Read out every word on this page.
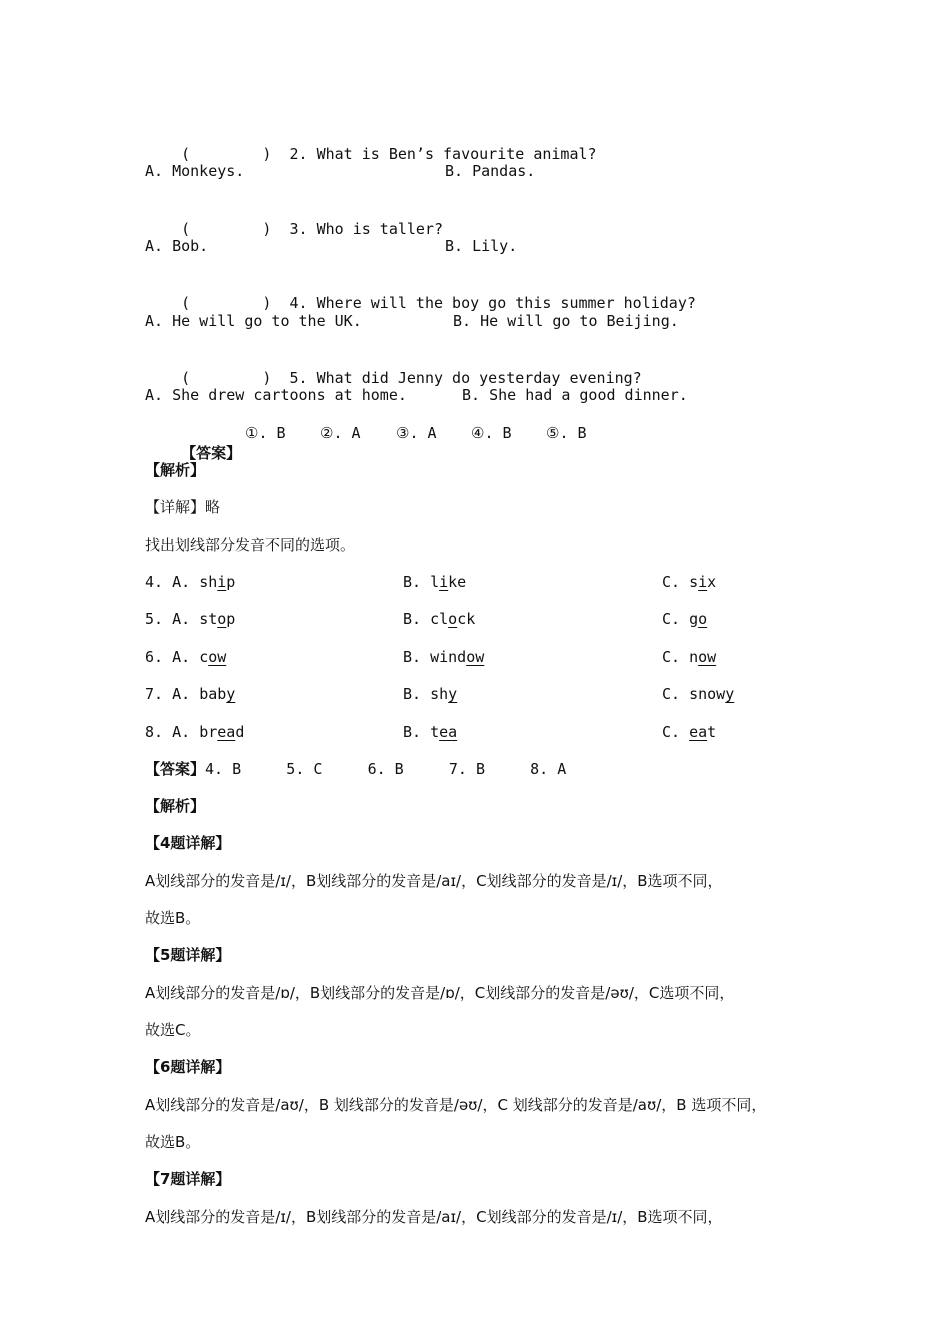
(        ) 2. What is Ben’s favourite animal?

A. Monkeys.	B. Pandas.

(        ) 3. Who is taller?

A. Bob.	B. Lily.

(        ) 4. Where will the boy go this summer holiday?

A. He will go to the UK.	B. He will go to Beijing.

(        ) 5. What did Jenny do yesterday evening?

A. She drew cartoons at home.	B. She had a good dinner.

【答案】

①. B ②. A ③. A ④. B ⑤. B
【解析】
【详解】略
找出划线部分发音不同的选项。
4. A. ship	B. like	C. six
5. A. stop	B. clock	C. go
6. A. cow	B. window	C. now
7. A. baby	B. shy	C. snowy
8. A. bread	B. tea	C. eat
【答案】4. B     5. C     6. B     7. B     8. A
【解析】
【4题详解】
A划线部分的发音是/ɪ/，B划线部分的发音是/aɪ/，C划线部分的发音是/ɪ/，B选项不同，
故选B。
【5题详解】
A划线部分的发音是/ɒ/，B划线部分的发音是/ɒ/，C划线部分的发音是/əʊ/，C选项不同，
故选C。
【6题详解】
A划线部分的发音是/aʊ/，B 划线部分的发音是/əʊ/，C 划线部分的发音是/aʊ/，B 选项不同，
故选B。
【7题详解】
A划线部分的发音是/ɪ/，B划线部分的发音是/aɪ/，C划线部分的发音是/ɪ/，B选项不同，
